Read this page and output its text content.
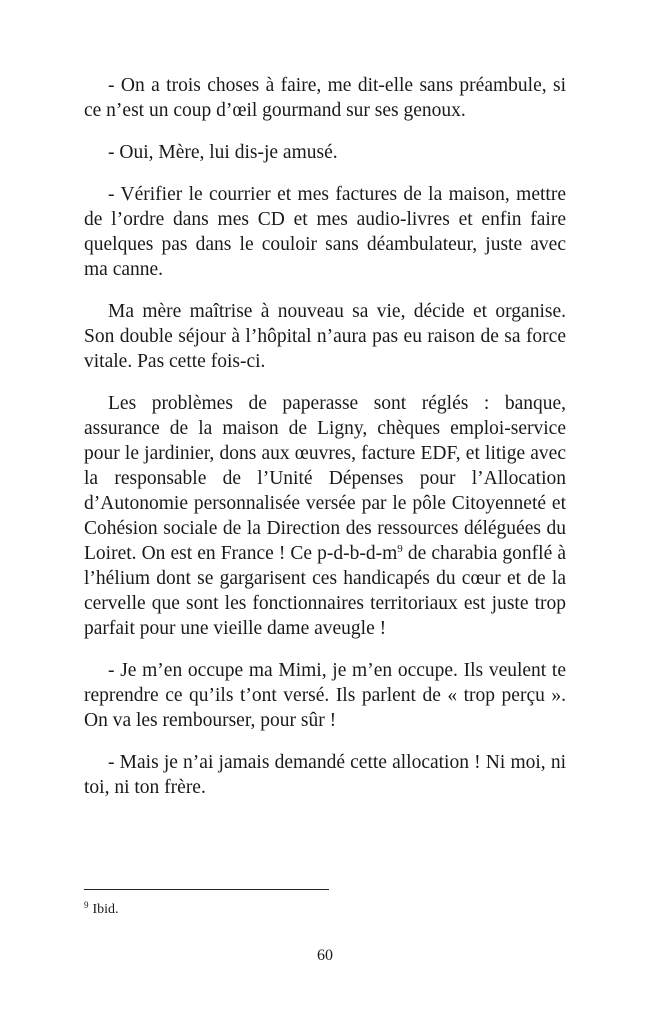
- On a trois choses à faire, me dit-elle sans préambule, si ce n’est un coup d’œil gourmand sur ses genoux.

- Oui, Mère, lui dis-je amusé.

- Vérifier le courrier et mes factures de la maison, mettre de l’ordre dans mes CD et mes audio-livres et enfin faire quelques pas dans le couloir sans déambulateur, juste avec ma canne.

Ma mère maîtrise à nouveau sa vie, décide et organise. Son double séjour à l’hôpital n’aura pas eu raison de sa force vitale. Pas cette fois-ci.

Les problèmes de paperasse sont réglés : banque, assurance de la maison de Ligny, chèques emploi-service pour le jardinier, dons aux œuvres, facture EDF, et litige avec la responsable de l’Unité Dépenses pour l’Allocation d’Autonomie personnalisée versée par le pôle Citoyenneté et Cohésion sociale de la Direction des ressources déléguées du Loiret. On est en France ! Ce $p-d-b-d-m^9$ de charabia gonflé à l’hélium dont se gargarisent ces handicapés du cœur et de la cervelle que sont les fonctionnaires territoriaux est juste trop parfait pour une vieille dame aveugle !

- Je m’en occupe ma Mimi, je m’en occupe. Ils veulent te reprendre ce qu’ils t’ont versé. Ils parlent de « trop perçu ». On va les rembourser, pour sûr !

- Mais je n’ai jamais demandé cette allocation ! Ni moi, ni toi, ni ton frère.

$^9$ Ibid.
60
